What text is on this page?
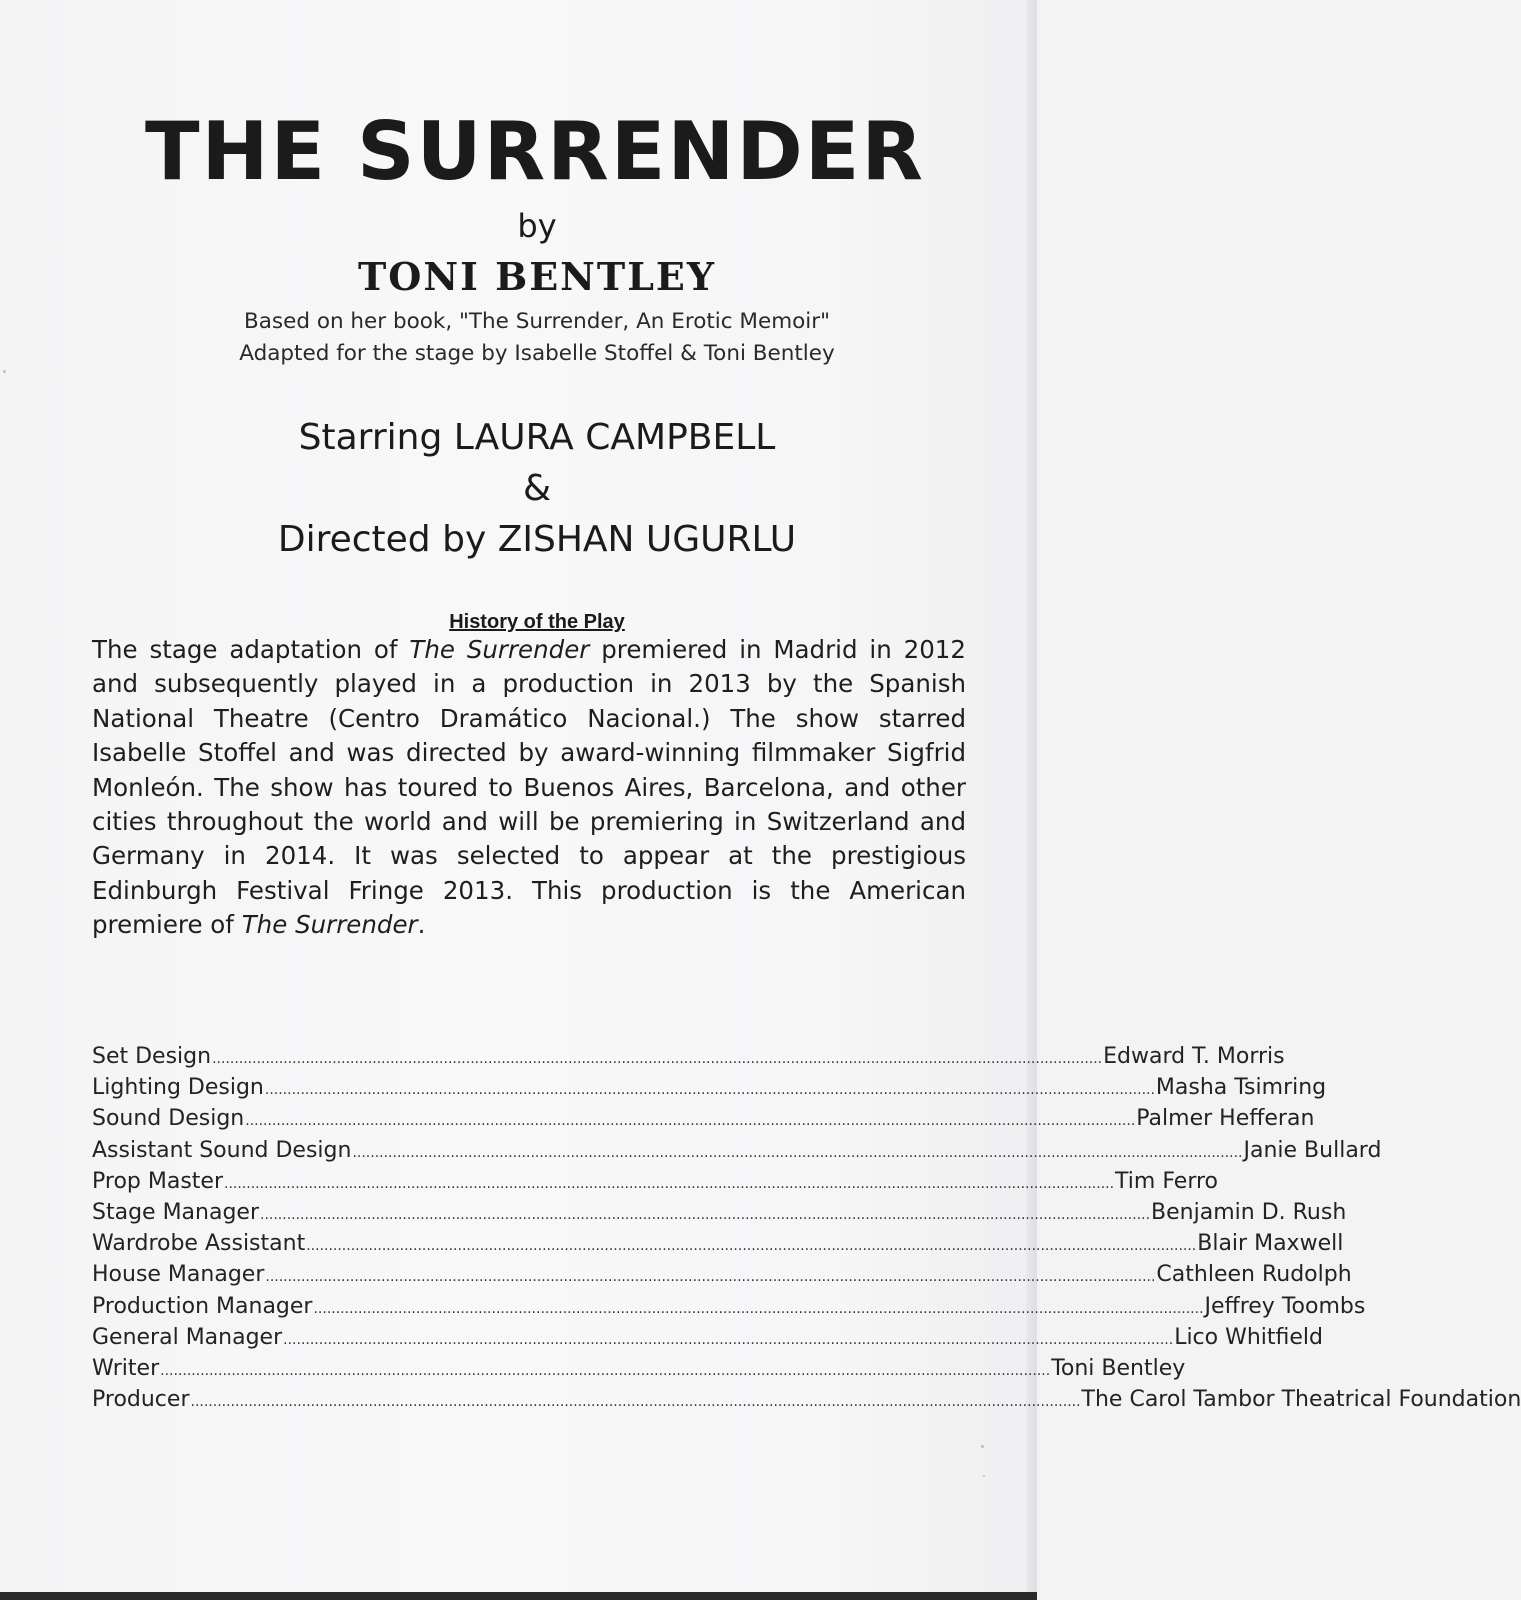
THE SURRENDER
by
TONI BENTLEY
Based on her book, "The Surrender, An Erotic Memoir"
Adapted for the stage by Isabelle Stoffel & Toni Bentley
Starring LAURA CAMPBELL
&
Directed by ZISHAN UGURLU
History of the Play

The stage adaptation of The Surrender premiered in Madrid in 2012 and subsequently played in a production in 2013 by the Spanish National Theatre (Centro Dramático Nacional.) The show starred Isabelle Stoffel and was directed by award-winning filmmaker Sigfrid Monleón. The show has toured to Buenos Aires, Barcelona, and other cities throughout the world and will be premiering in Switzerland and Germany in 2014. It was selected to appear at the prestigious Edinburgh Festival Fringe 2013. This production is the American premiere of The Surrender.

Set Design ........................................................................................................................................................................................................ Edward T. Morris
Lighting Design ........................................................................................................................................................................................................ Masha Tsimring
Sound Design ........................................................................................................................................................................................................ Palmer Hefferan
Assistant Sound Design ........................................................................................................................................................................................................ Janie Bullard
Prop Master ........................................................................................................................................................................................................ Tim Ferro
Stage Manager ........................................................................................................................................................................................................ Benjamin D. Rush
Wardrobe Assistant ........................................................................................................................................................................................................ Blair Maxwell
House Manager ........................................................................................................................................................................................................ Cathleen Rudolph
Production Manager ........................................................................................................................................................................................................ Jeffrey Toombs
General Manager ........................................................................................................................................................................................................ Lico Whitfield
Writer ........................................................................................................................................................................................................ Toni Bentley
Producer ........................................................................................................................................................................................................ The Carol Tambor Theatrical Foundation
